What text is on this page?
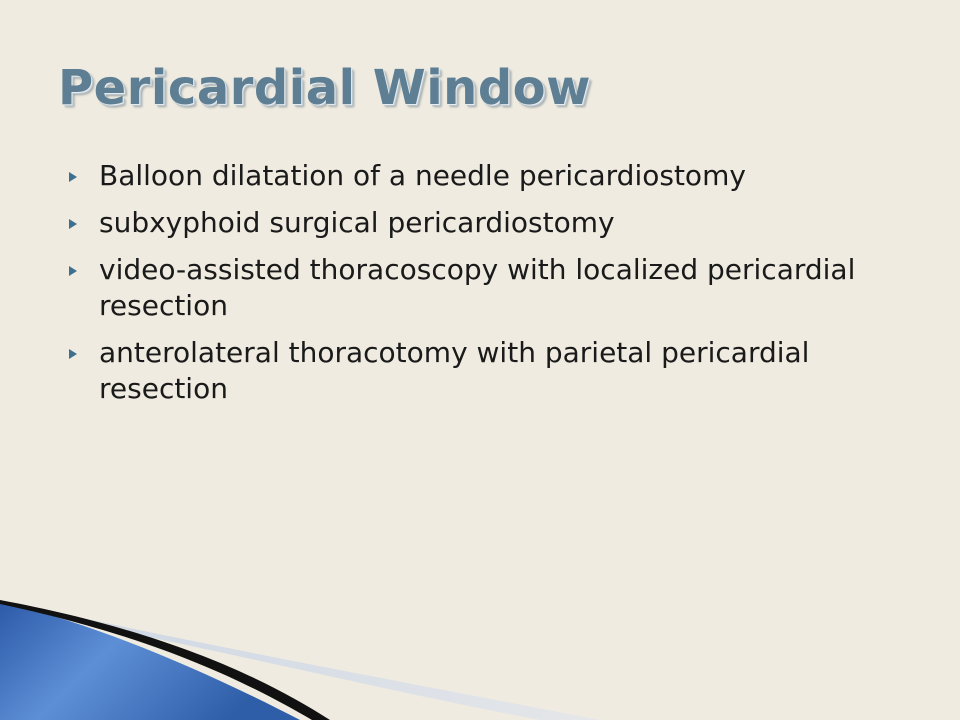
Pericardial Window
Balloon dilatation of a needle pericardiostomy
subxyphoid surgical pericardiostomy
video-assisted thoracoscopy with localized pericardial resection
anterolateral thoracotomy with parietal pericardial resection
